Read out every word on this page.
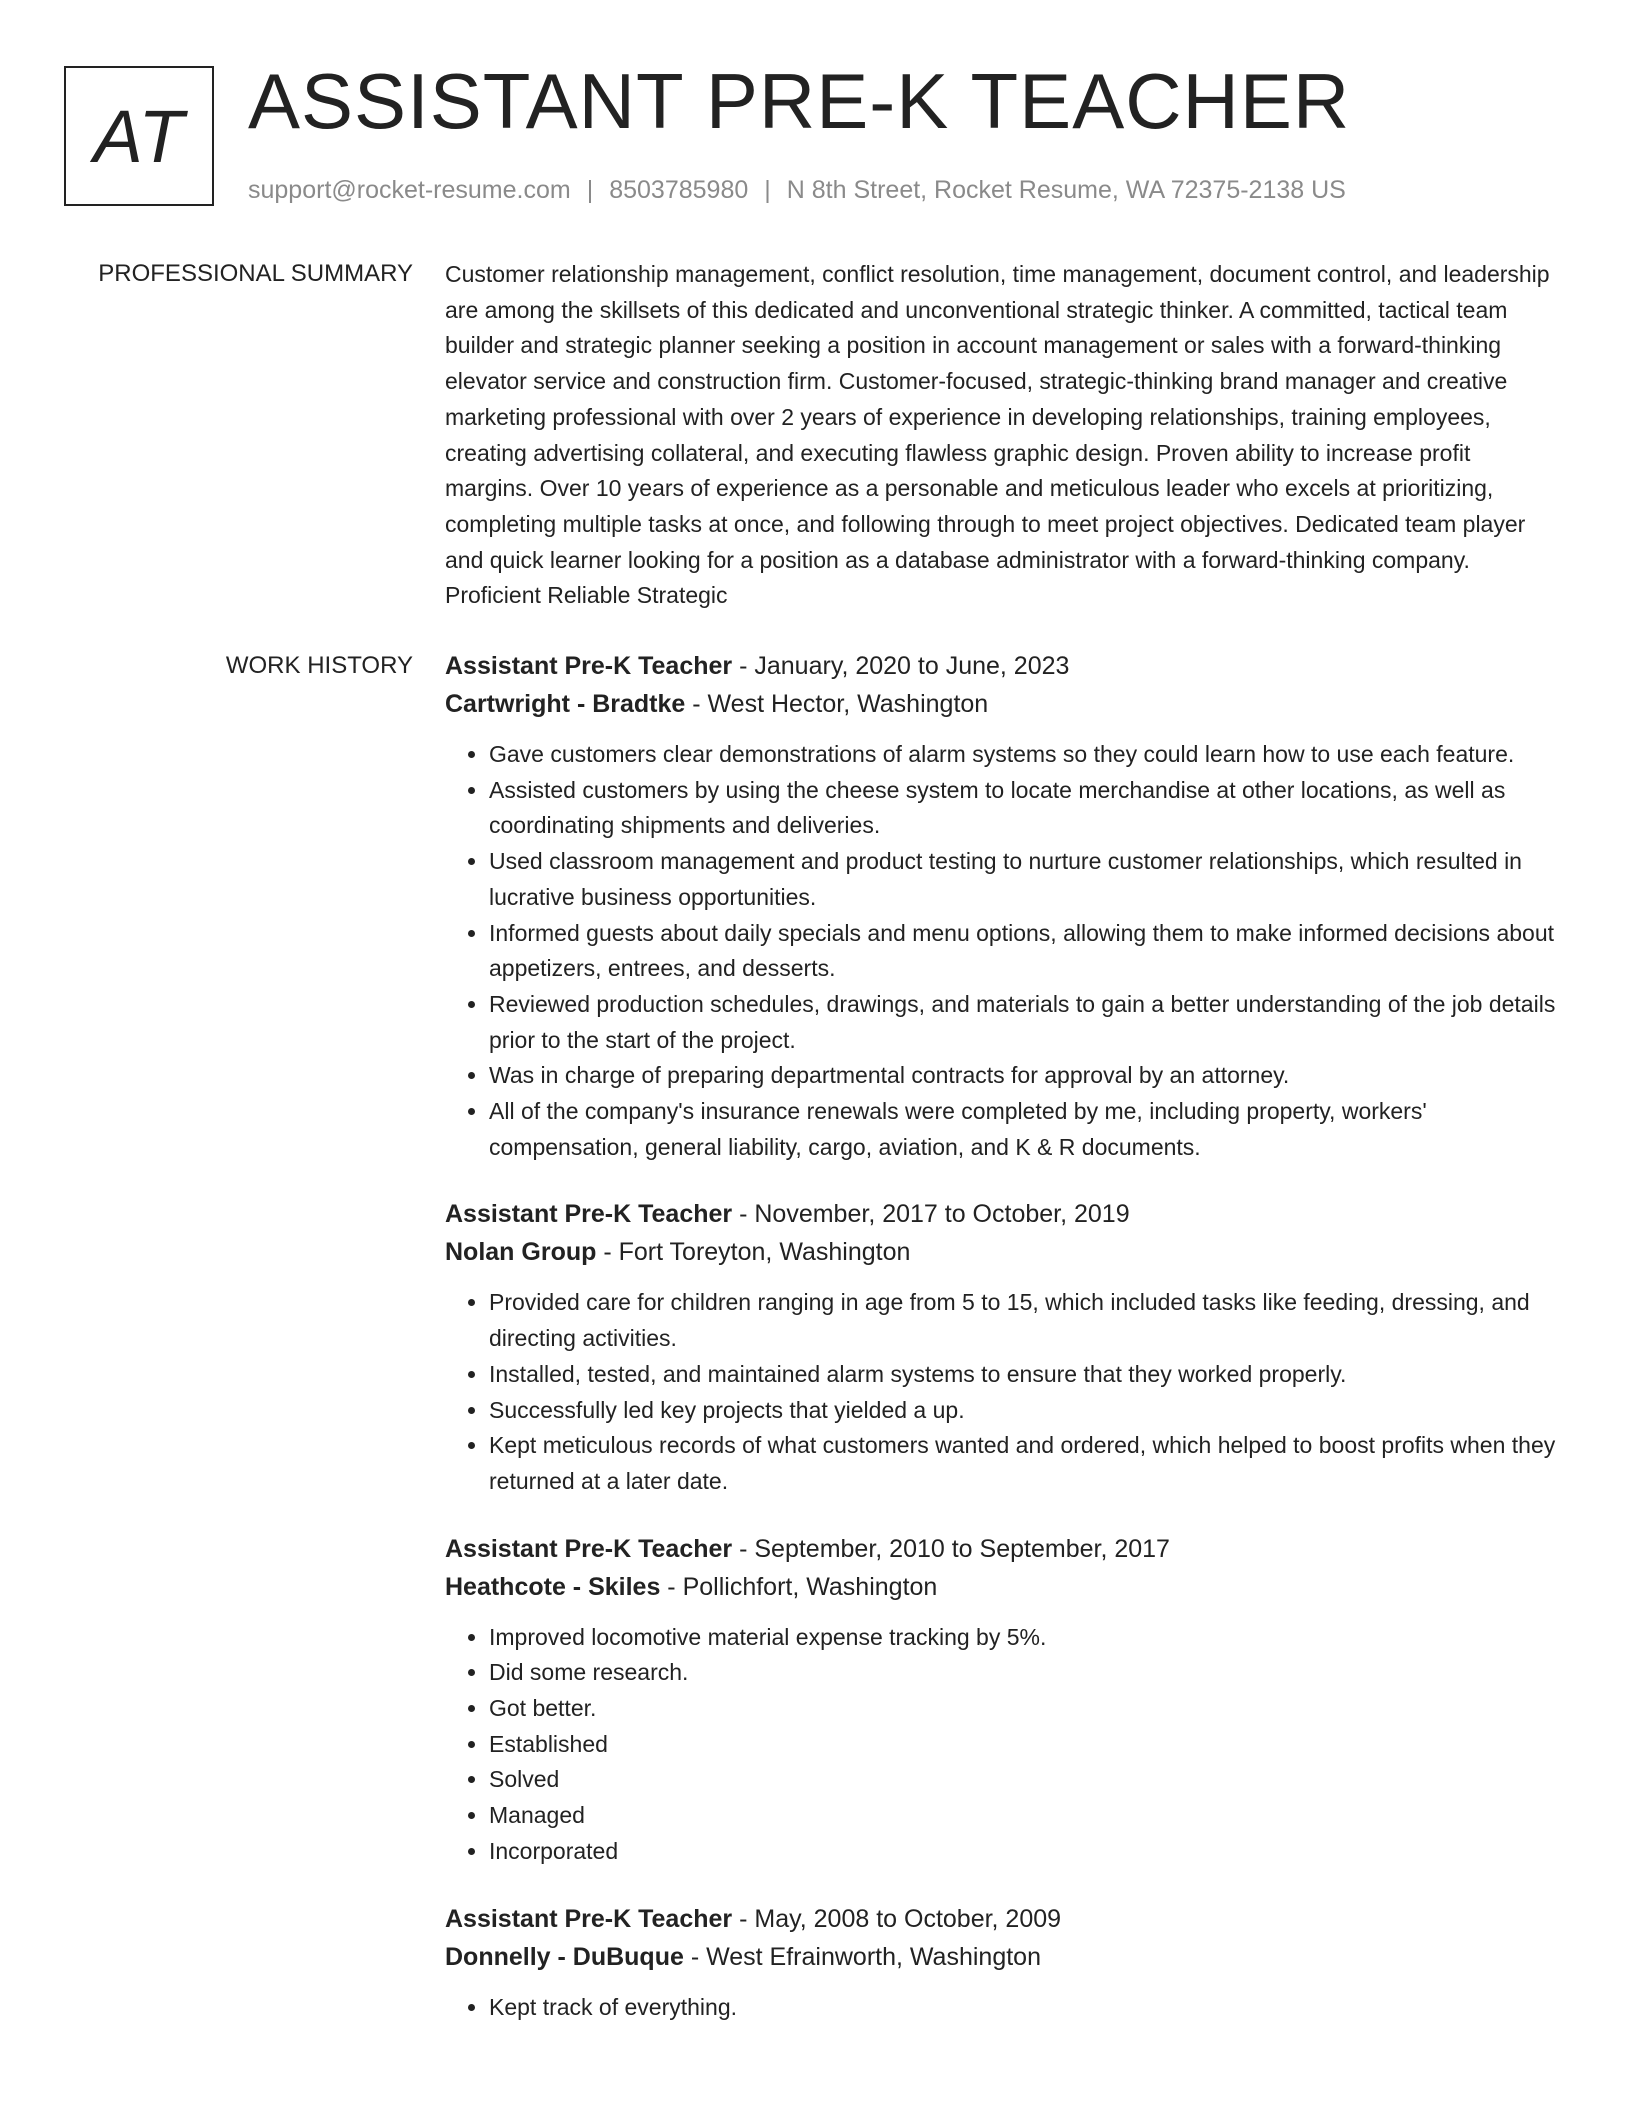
AT ASSISTANT PRE-K TEACHER
support@rocket-resume.com | 8503785980 | N 8th Street, Rocket Resume, WA 72375-2138 US
PROFESSIONAL SUMMARY Customer relationship management, conflict resolution, time management, document control, and leadership are among the skillsets of this dedicated and unconventional strategic thinker. A committed, tactical team builder and strategic planner seeking a position in account management or sales with a forward-thinking elevator service and construction firm. Customer-focused, strategic-thinking brand manager and creative marketing professional with over 2 years of experience in developing relationships, training employees, creating advertising collateral, and executing flawless graphic design. Proven ability to increase profit margins. Over 10 years of experience as a personable and meticulous leader who excels at prioritizing, completing multiple tasks at once, and following through to meet project objectives. Dedicated team player and quick learner looking for a position as a database administrator with a forward-thinking company. Proficient Reliable Strategic

WORK HISTORY Assistant Pre-K Teacher - January, 2020 to June, 2023
Cartwright - Bradtke - West Hector, Washington
• Gave customers clear demonstrations of alarm systems so they could learn how to use each feature.
• Assisted customers by using the cheese system to locate merchandise at other locations, as well as coordinating shipments and deliveries.
• Used classroom management and product testing to nurture customer relationships, which resulted in lucrative business opportunities.
• Informed guests about daily specials and menu options, allowing them to make informed decisions about appetizers, entrees, and desserts.
• Reviewed production schedules, drawings, and materials to gain a better understanding of the job details prior to the start of the project.
• Was in charge of preparing departmental contracts for approval by an attorney.
• All of the company's insurance renewals were completed by me, including property, workers' compensation, general liability, cargo, aviation, and K & R documents.
Assistant Pre-K Teacher - November, 2017 to October, 2019
Nolan Group - Fort Toreyton, Washington
• Provided care for children ranging in age from 5 to 15, which included tasks like feeding, dressing, and directing activities.
• Installed, tested, and maintained alarm systems to ensure that they worked properly.
• Successfully led key projects that yielded a up.
• Kept meticulous records of what customers wanted and ordered, which helped to boost profits when they returned at a later date.
Assistant Pre-K Teacher - September, 2010 to September, 2017
Heathcote - Skiles - Pollichfort, Washington
• Improved locomotive material expense tracking by 5%.
• Did some research.
• Got better.
• Established
• Solved
• Managed
• Incorporated
Assistant Pre-K Teacher - May, 2008 to October, 2009
Donnelly - DuBuque - West Efrainworth, Washington
• Kept track of everything.
